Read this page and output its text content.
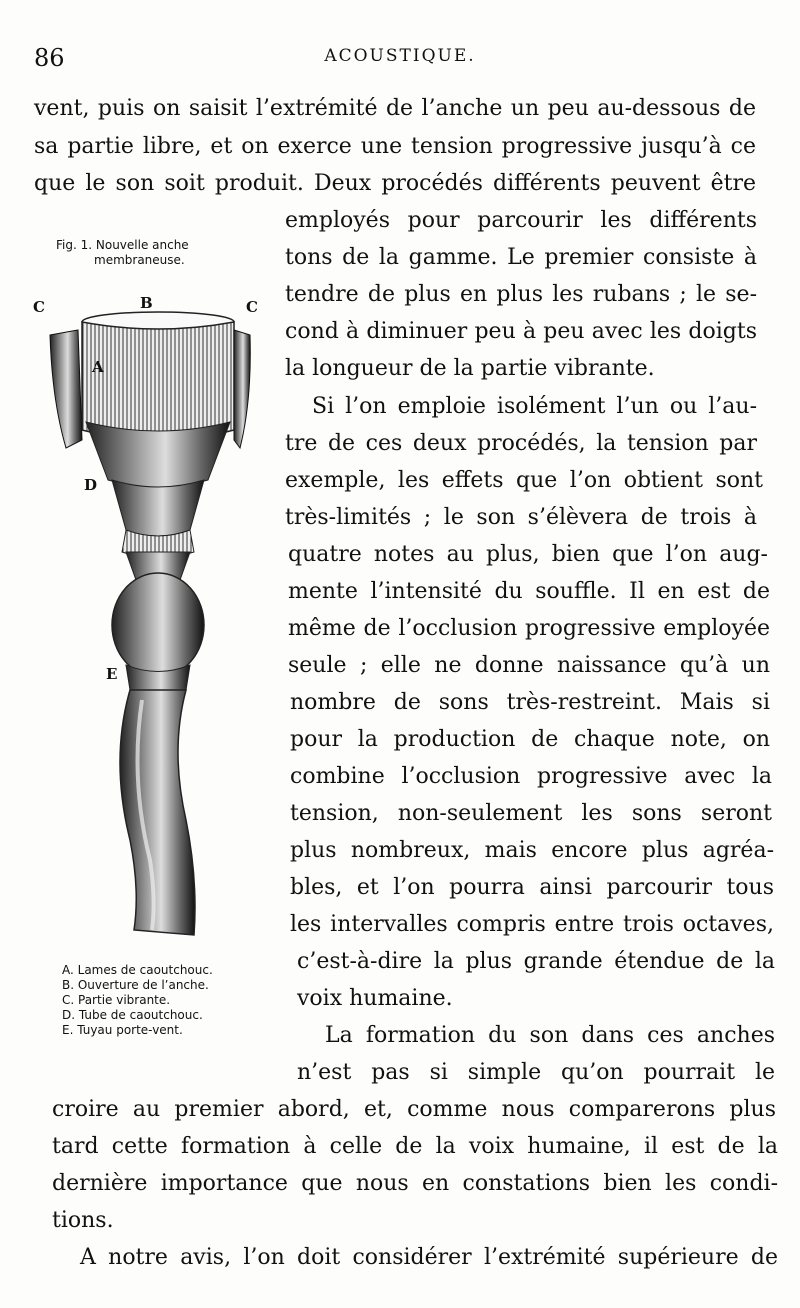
86	ACOUSTIQUE.
vent, puis on saisit l’extrémité de l’anche un peu au-dessous de
sa partie libre, et on exerce une tension progressive jusqu’à ce
que le son soit produit. Deux procédés différents peuvent être
employés pour parcourir les différents
tons de la gamme. Le premier consiste à
tendre de plus en plus les rubans ; le se-
cond à diminuer peu à peu avec les doigts
la longueur de la partie vibrante.
Si l’on emploie isolément l’un ou l’au-
tre de ces deux procédés, la tension par
exemple, les effets que l’on obtient sont
très-limités ; le son s’élèvera de trois à
quatre notes au plus, bien que l’on aug-
mente l’intensité du souffle. Il en est de
même de l’occlusion progressive employée
seule ; elle ne donne naissance qu’à un
nombre de sons très-restreint. Mais si
pour la production de chaque note, on
combine l’occlusion progressive avec la
tension, non-seulement les sons seront
plus nombreux, mais encore plus agréa-
bles, et l’on pourra ainsi parcourir tous
les intervalles compris entre trois octaves,
c’est-à-dire la plus grande étendue de la
voix humaine.
La formation du son dans ces anches
n’est pas si simple qu’on pourrait le
croire au premier abord, et, comme nous comparerons plus
tard cette formation à celle de la voix humaine, il est de la
dernière importance que nous en constations bien les condi-
tions.
A notre avis, l’on doit considérer l’extrémité supérieure de
Fig. 1. Nouvelle anche
membraneuse.
C	B	C
A
D
E
A. Lames de caoutchouc.
B. Ouverture de l’anche.
C. Partie vibrante.
D. Tube de caoutchouc.
E. Tuyau porte-vent.
